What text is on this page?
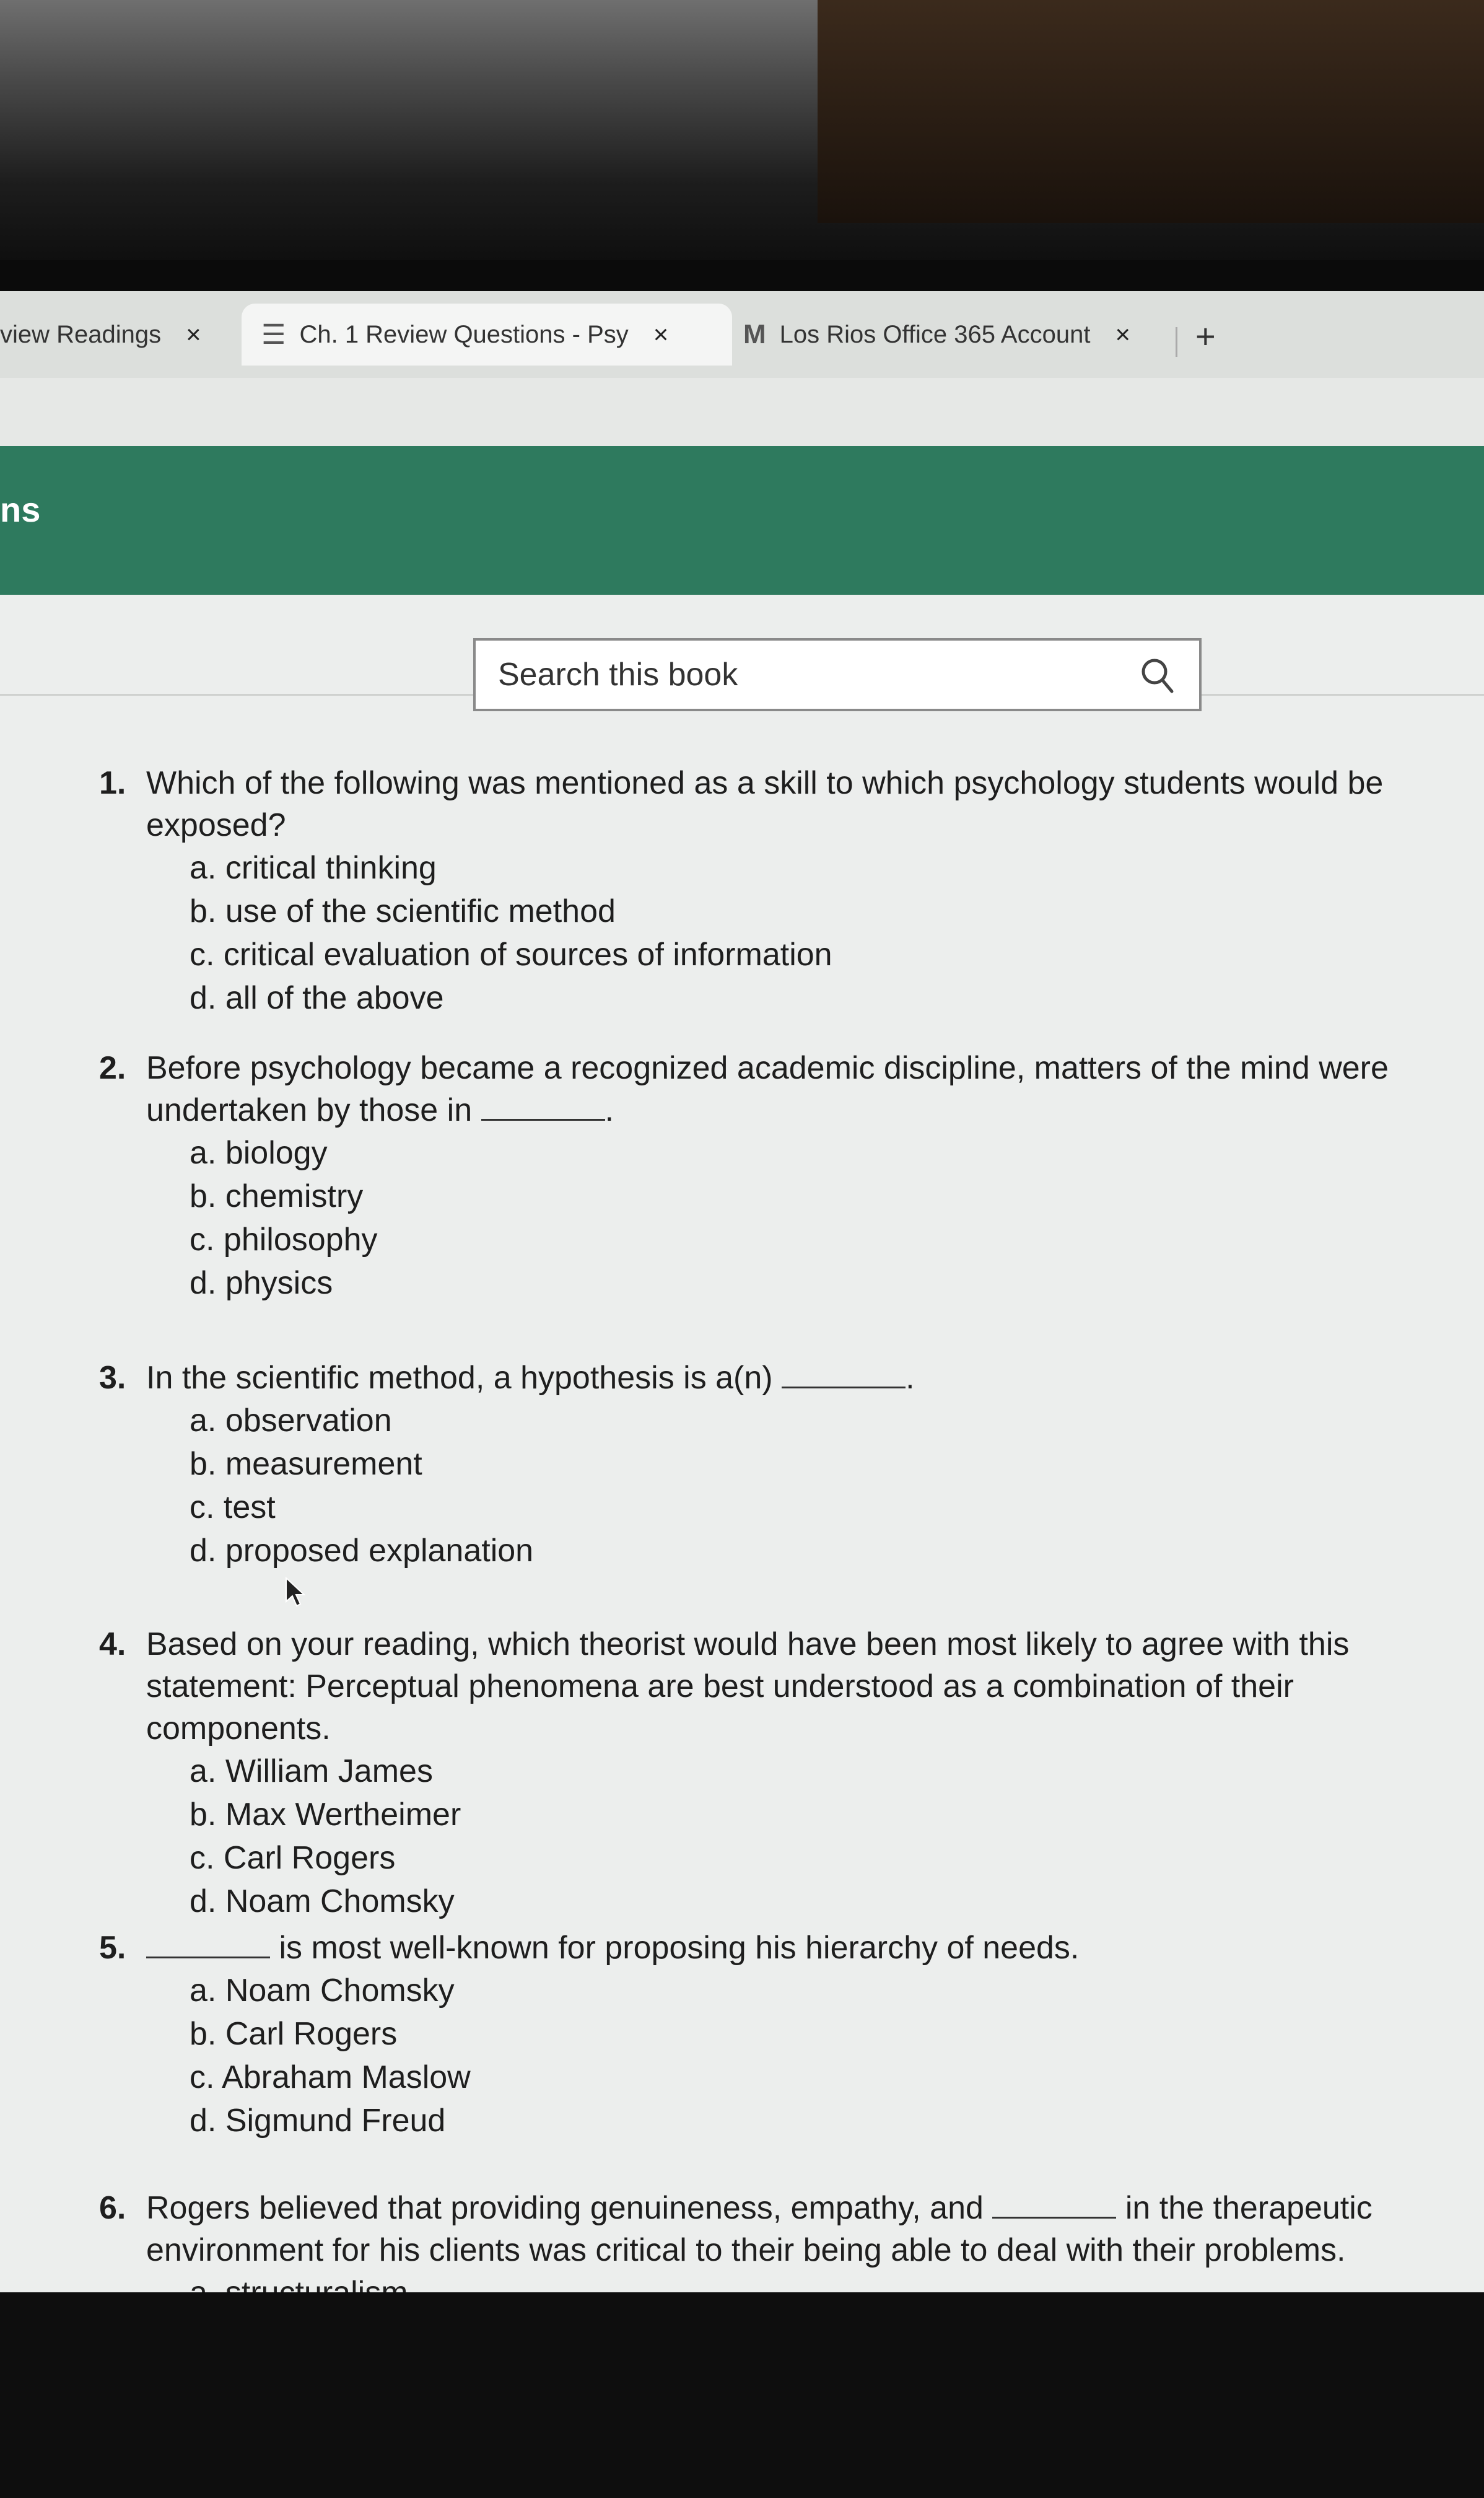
view Readings × ☰ Ch. 1 Review Questions - Psy ×	M Los Rios Office 365 Account × +
ns
Search this book
1. Which of the following was mentioned as a skill to which psychology students would be exposed?
a. critical thinking
b. use of the scientific method
c. critical evaluation of sources of information
d. all of the above
2. Before psychology became a recognized academic discipline, matters of the mind were undertaken by those in	.
a. biology
b. chemistry
c. philosophy
d. physics
3. In the scientific method, a hypothesis is a(n)	.
a. observation
b. measurement
c. test
d. proposed explanation
4. Based on your reading, which theorist would have been most likely to agree with this statement: Perceptual phenomena are best understood as a combination of their components.
a. William James
b. Max Wertheimer
c. Carl Rogers
d. Noam Chomsky
5.	is most well-known for proposing his hierarchy of needs.
a. Noam Chomsky
b. Carl Rogers
c. Abraham Maslow
d. Sigmund Freud
6. Rogers believed that providing genuineness, empathy, and	in the therapeutic environment for his clients was critical to their being able to deal with their problems.
